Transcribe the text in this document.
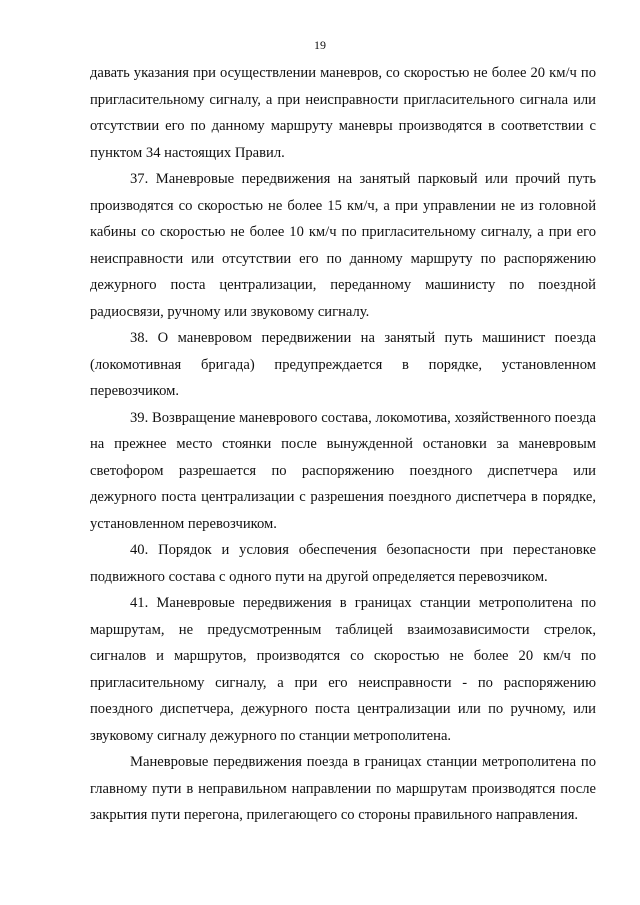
19

давать указания при осуществлении маневров, со скоростью не более 20 км/ч по пригласительному сигналу, а при неисправности пригласительного сигнала или отсутствии его по данному маршруту маневры производятся в соответствии с пунктом 34 настоящих Правил.

37. Маневровые передвижения на занятый парковый или прочий путь производятся со скоростью не более 15 км/ч, а при управлении не из головной кабины со скоростью не более 10 км/ч по пригласительному сигналу, а при его неисправности или отсутствии его по данному маршруту по распоряжению дежурного поста централизации, переданному машинисту по поездной радиосвязи, ручному или звуковому сигналу.

38. О маневровом передвижении на занятый путь машинист поезда (локомотивная бригада) предупреждается в порядке, установленном перевозчиком.

39. Возвращение маневрового состава, локомотива, хозяйственного поезда на прежнее место стоянки после вынужденной остановки за маневровым светофором разрешается по распоряжению поездного диспетчера или дежурного поста централизации с разрешения поездного диспетчера в порядке, установленном перевозчиком.

40. Порядок и условия обеспечения безопасности при перестановке подвижного состава с одного пути на другой определяется перевозчиком.

41. Маневровые передвижения в границах станции метрополитена по маршрутам, не предусмотренным таблицей взаимозависимости стрелок, сигналов и маршрутов, производятся со скоростью не более 20 км/ч по пригласительному сигналу, а при его неисправности - по распоряжению поездного диспетчера, дежурного поста централизации или по ручному, или звуковому сигналу дежурного по станции метрополитена.

Маневровые передвижения поезда в границах станции метрополитена по главному пути в неправильном направлении по маршрутам производятся после закрытия пути перегона, прилегающего со стороны правильного направления.
